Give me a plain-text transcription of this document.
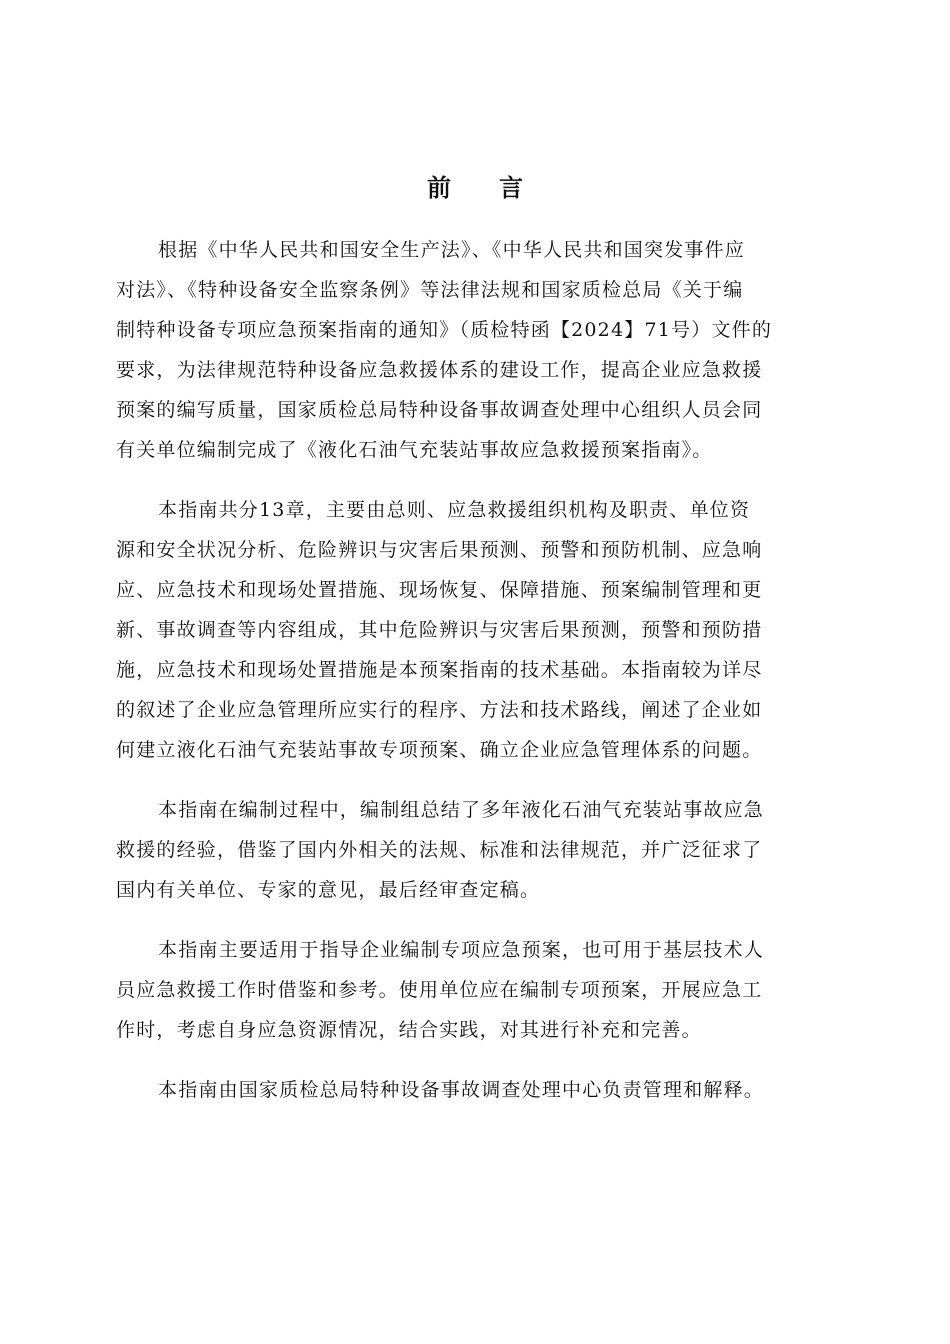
前言

根据《中华人民共和国安全生产法》、《中华人民共和国突发事件应
对法》、《特种设备安全监察条例》等法律法规和国家质检总局《关于编
制特种设备专项应急预案指南的通知》（质检特函【2024】71号）文件的
要求，为法律规范特种设备应急救援体系的建设工作，提高企业应急救援
预案的编写质量，国家质检总局特种设备事故调查处理中心组织人员会同
有关单位编制完成了《液化石油气充装站事故应急救援预案指南》。

本指南共分13章，主要由总则、应急救援组织机构及职责、单位资
源和安全状况分析、危险辨识与灾害后果预测、预警和预防机制、应急响
应、应急技术和现场处置措施、现场恢复、保障措施、预案编制管理和更
新、事故调查等内容组成，其中危险辨识与灾害后果预测，预警和预防措
施，应急技术和现场处置措施是本预案指南的技术基础。本指南较为详尽
的叙述了企业应急管理所应实行的程序、方法和技术路线，阐述了企业如
何建立液化石油气充装站事故专项预案、确立企业应急管理体系的问题。

本指南在编制过程中，编制组总结了多年液化石油气充装站事故应急
救援的经验，借鉴了国内外相关的法规、标准和法律规范，并广泛征求了
国内有关单位、专家的意见，最后经审查定稿。

本指南主要适用于指导企业编制专项应急预案，也可用于基层技术人
员应急救援工作时借鉴和参考。使用单位应在编制专项预案，开展应急工
作时，考虑自身应急资源情况，结合实践，对其进行补充和完善。

本指南由国家质检总局特种设备事故调查处理中心负责管理和解释。
